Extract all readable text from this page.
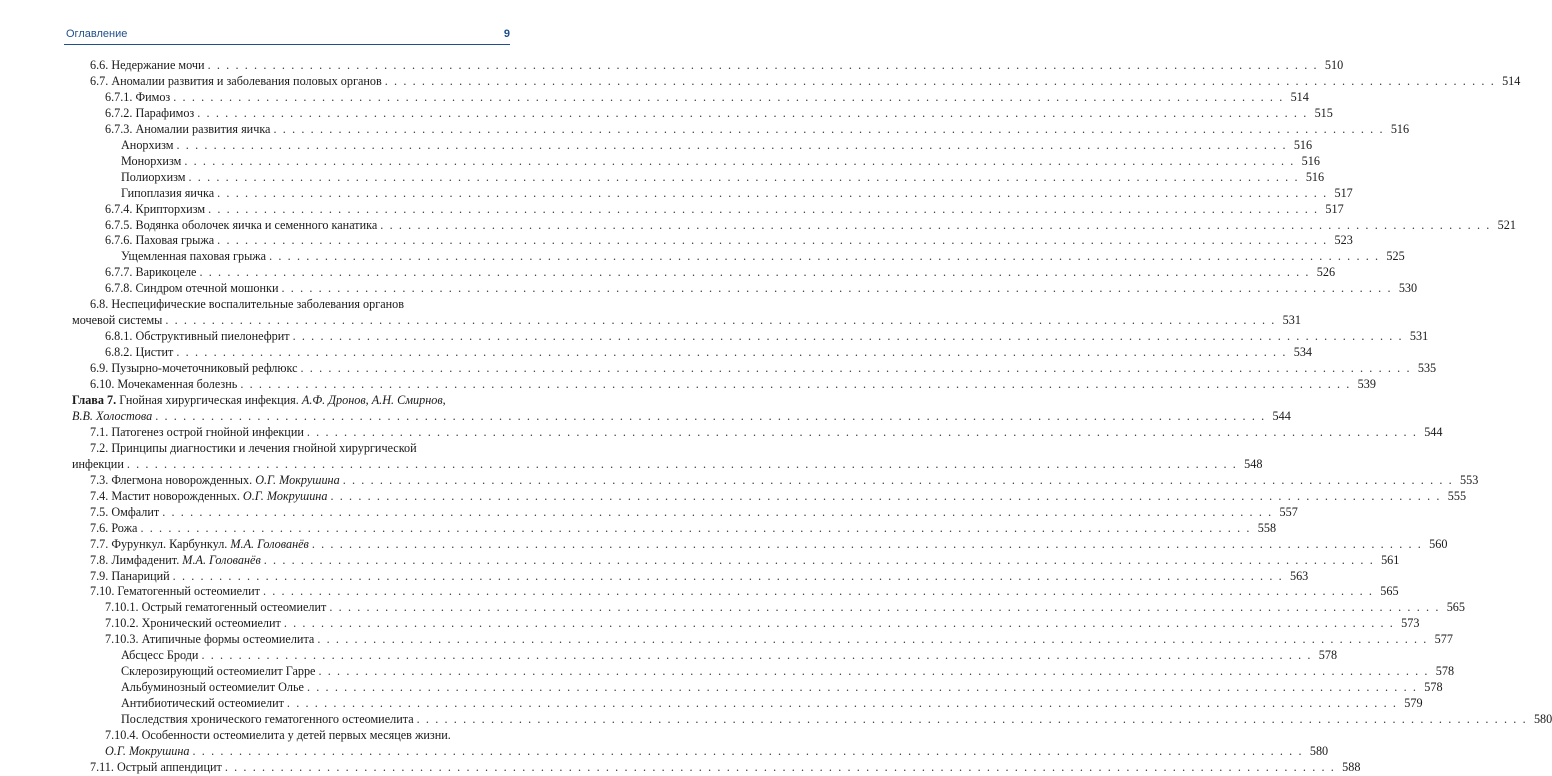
Оглавление	9
6.6. Недержание мочи . . . . . . . . . . . . . . . . . . . . . . . . . . . . . . . . . . . . . . . . . . . . . . . . . . . . . . . . . . . . . . . . . . . . . . . . . . . . . . . . . . . . . . . . . . . . . . . . . . . . . . . . . . . . . . . . . . . . . . . . 510
6.7. Аномалии развития и заболевания половых органов . . . . . . . . . . . . . . . . . . . . . . . . . . . . . . . . . . . . . . . . . . . . . . . . . . . . . . . . . . . . . . . . . . . . . . . . . . . . . . . . . . . . . . . . . . . . . . . . . . . . . . . . . . . . . . . . . . . . . . . . 514
6.7.1. Фимоз . . . . . . . . . . . . . . . . . . . . . . . . . . . . . . . . . . . . . . . . . . . . . . . . . . . . . . . . . . . . . . . . . . . . . . . . . . . . . . . . . . . . . . . . . . . . . . . . . . . . . . . . . . . . . . . . . . . . . . . . 514
6.7.2. Парафимоз . . . . . . . . . . . . . . . . . . . . . . . . . . . . . . . . . . . . . . . . . . . . . . . . . . . . . . . . . . . . . . . . . . . . . . . . . . . . . . . . . . . . . . . . . . . . . . . . . . . . . . . . . . . . . . . . . . . . . . . . 515
6.7.3. Аномалии развития яичка . . . . . . . . . . . . . . . . . . . . . . . . . . . . . . . . . . . . . . . . . . . . . . . . . . . . . . . . . . . . . . . . . . . . . . . . . . . . . . . . . . . . . . . . . . . . . . . . . . . . . . . . . . . . . . . . . . . . . . . . 516
Анорхизм . . . . . . . . . . . . . . . . . . . . . . . . . . . . . . . . . . . . . . . . . . . . . . . . . . . . . . . . . . . . . . . . . . . . . . . . . . . . . . . . . . . . . . . . . . . . . . . . . . . . . . . . . . . . . . . . . . . . . . . . 516
Монорхизм . . . . . . . . . . . . . . . . . . . . . . . . . . . . . . . . . . . . . . . . . . . . . . . . . . . . . . . . . . . . . . . . . . . . . . . . . . . . . . . . . . . . . . . . . . . . . . . . . . . . . . . . . . . . . . . . . . . . . . . . 516
Полиорхизм . . . . . . . . . . . . . . . . . . . . . . . . . . . . . . . . . . . . . . . . . . . . . . . . . . . . . . . . . . . . . . . . . . . . . . . . . . . . . . . . . . . . . . . . . . . . . . . . . . . . . . . . . . . . . . . . . . . . . . . . 516
Гипоплазия яичка . . . . . . . . . . . . . . . . . . . . . . . . . . . . . . . . . . . . . . . . . . . . . . . . . . . . . . . . . . . . . . . . . . . . . . . . . . . . . . . . . . . . . . . . . . . . . . . . . . . . . . . . . . . . . . . . . . . . . . . . 517
6.7.4. Крипторхизм . . . . . . . . . . . . . . . . . . . . . . . . . . . . . . . . . . . . . . . . . . . . . . . . . . . . . . . . . . . . . . . . . . . . . . . . . . . . . . . . . . . . . . . . . . . . . . . . . . . . . . . . . . . . . . . . . . . . . . . . 517
6.7.5. Водянка оболочек яичка и семенного канатика . . . . . . . . . . . . . . . . . . . . . . . . . . . . . . . . . . . . . . . . . . . . . . . . . . . . . . . . . . . . . . . . . . . . . . . . . . . . . . . . . . . . . . . . . . . . . . . . . . . . . . . . . . . . . . . . . . . . . . . . 521
6.7.6. Паховая грыжа . . . . . . . . . . . . . . . . . . . . . . . . . . . . . . . . . . . . . . . . . . . . . . . . . . . . . . . . . . . . . . . . . . . . . . . . . . . . . . . . . . . . . . . . . . . . . . . . . . . . . . . . . . . . . . . . . . . . . . . . 523
Ущемленная паховая грыжа . . . . . . . . . . . . . . . . . . . . . . . . . . . . . . . . . . . . . . . . . . . . . . . . . . . . . . . . . . . . . . . . . . . . . . . . . . . . . . . . . . . . . . . . . . . . . . . . . . . . . . . . . . . . . . . . . . . . . . . . 525
6.7.7. Варикоцеле . . . . . . . . . . . . . . . . . . . . . . . . . . . . . . . . . . . . . . . . . . . . . . . . . . . . . . . . . . . . . . . . . . . . . . . . . . . . . . . . . . . . . . . . . . . . . . . . . . . . . . . . . . . . . . . . . . . . . . . . 526
6.7.8. Синдром отечной мошонки . . . . . . . . . . . . . . . . . . . . . . . . . . . . . . . . . . . . . . . . . . . . . . . . . . . . . . . . . . . . . . . . . . . . . . . . . . . . . . . . . . . . . . . . . . . . . . . . . . . . . . . . . . . . . . . . . . . . . . . . 530
6.8. Неспецифические воспалительные заболевания органов
мочевой системы . . . . . . . . . . . . . . . . . . . . . . . . . . . . . . . . . . . . . . . . . . . . . . . . . . . . . . . . . . . . . . . . . . . . . . . . . . . . . . . . . . . . . . . . . . . . . . . . . . . . . . . . . . . . . . . . . . . . . . . . 531
6.8.1. Обструктивный пиелонефрит . . . . . . . . . . . . . . . . . . . . . . . . . . . . . . . . . . . . . . . . . . . . . . . . . . . . . . . . . . . . . . . . . . . . . . . . . . . . . . . . . . . . . . . . . . . . . . . . . . . . . . . . . . . . . . . . . . . . . . . . 531
6.8.2. Цистит . . . . . . . . . . . . . . . . . . . . . . . . . . . . . . . . . . . . . . . . . . . . . . . . . . . . . . . . . . . . . . . . . . . . . . . . . . . . . . . . . . . . . . . . . . . . . . . . . . . . . . . . . . . . . . . . . . . . . . . . 534
6.9. Пузырно-мочеточниковый рефлюкс . . . . . . . . . . . . . . . . . . . . . . . . . . . . . . . . . . . . . . . . . . . . . . . . . . . . . . . . . . . . . . . . . . . . . . . . . . . . . . . . . . . . . . . . . . . . . . . . . . . . . . . . . . . . . . . . . . . . . . . . 535
6.10. Мочекаменная болезнь . . . . . . . . . . . . . . . . . . . . . . . . . . . . . . . . . . . . . . . . . . . . . . . . . . . . . . . . . . . . . . . . . . . . . . . . . . . . . . . . . . . . . . . . . . . . . . . . . . . . . . . . . . . . . . . . . . . . . . . . 539
Глава 7. Гнойная хирургическая инфекция. А.Ф. Дронов, А.Н. Смирнов,
В.В. Холостова . . . . . . . . . . . . . . . . . . . . . . . . . . . . . . . . . . . . . . . . . . . . . . . . . . . . . . . . . . . . . . . . . . . . . . . . . . . . . . . . . . . . . . . . . . . . . . . . . . . . . . . . . . . . . . . . . . . . . . . . 544
7.1. Патогенез острой гнойной инфекции . . . . . . . . . . . . . . . . . . . . . . . . . . . . . . . . . . . . . . . . . . . . . . . . . . . . . . . . . . . . . . . . . . . . . . . . . . . . . . . . . . . . . . . . . . . . . . . . . . . . . . . . . . . . . . . . . . . . . . . . 544
7.2. Принципы диагностики и лечения гнойной хирургической
инфекции . . . . . . . . . . . . . . . . . . . . . . . . . . . . . . . . . . . . . . . . . . . . . . . . . . . . . . . . . . . . . . . . . . . . . . . . . . . . . . . . . . . . . . . . . . . . . . . . . . . . . . . . . . . . . . . . . . . . . . . . 548
7.3. Флегмона новорожденных. О.Г. Мокрушина . . . . . . . . . . . . . . . . . . . . . . . . . . . . . . . . . . . . . . . . . . . . . . . . . . . . . . . . . . . . . . . . . . . . . . . . . . . . . . . . . . . . . . . . . . . . . . . . . . . . . . . . . . . . . . . . . . . . . . . . 553
7.4. Мастит новорожденных. О.Г. Мокрушина . . . . . . . . . . . . . . . . . . . . . . . . . . . . . . . . . . . . . . . . . . . . . . . . . . . . . . . . . . . . . . . . . . . . . . . . . . . . . . . . . . . . . . . . . . . . . . . . . . . . . . . . . . . . . . . . . . . . . . . . 555
7.5. Омфалит . . . . . . . . . . . . . . . . . . . . . . . . . . . . . . . . . . . . . . . . . . . . . . . . . . . . . . . . . . . . . . . . . . . . . . . . . . . . . . . . . . . . . . . . . . . . . . . . . . . . . . . . . . . . . . . . . . . . . . . . 557
7.6. Рожа . . . . . . . . . . . . . . . . . . . . . . . . . . . . . . . . . . . . . . . . . . . . . . . . . . . . . . . . . . . . . . . . . . . . . . . . . . . . . . . . . . . . . . . . . . . . . . . . . . . . . . . . . . . . . . . . . . . . . . . . 558
7.7. Фурункул. Карбункул. М.А. Голованёв . . . . . . . . . . . . . . . . . . . . . . . . . . . . . . . . . . . . . . . . . . . . . . . . . . . . . . . . . . . . . . . . . . . . . . . . . . . . . . . . . . . . . . . . . . . . . . . . . . . . . . . . . . . . . . . . . . . . . . . . 560
7.8. Лимфаденит. М.А. Голованёв . . . . . . . . . . . . . . . . . . . . . . . . . . . . . . . . . . . . . . . . . . . . . . . . . . . . . . . . . . . . . . . . . . . . . . . . . . . . . . . . . . . . . . . . . . . . . . . . . . . . . . . . . . . . . . . . . . . . . . . . 561
7.9. Панариций . . . . . . . . . . . . . . . . . . . . . . . . . . . . . . . . . . . . . . . . . . . . . . . . . . . . . . . . . . . . . . . . . . . . . . . . . . . . . . . . . . . . . . . . . . . . . . . . . . . . . . . . . . . . . . . . . . . . . . . . 563
7.10. Гематогенный остеомиелит . . . . . . . . . . . . . . . . . . . . . . . . . . . . . . . . . . . . . . . . . . . . . . . . . . . . . . . . . . . . . . . . . . . . . . . . . . . . . . . . . . . . . . . . . . . . . . . . . . . . . . . . . . . . . . . . . . . . . . . . 565
7.10.1. Острый гематогенный остеомиелит . . . . . . . . . . . . . . . . . . . . . . . . . . . . . . . . . . . . . . . . . . . . . . . . . . . . . . . . . . . . . . . . . . . . . . . . . . . . . . . . . . . . . . . . . . . . . . . . . . . . . . . . . . . . . . . . . . . . . . . . 565
7.10.2. Хронический остеомиелит . . . . . . . . . . . . . . . . . . . . . . . . . . . . . . . . . . . . . . . . . . . . . . . . . . . . . . . . . . . . . . . . . . . . . . . . . . . . . . . . . . . . . . . . . . . . . . . . . . . . . . . . . . . . . . . . . . . . . . . . 573
7.10.3. Атипичные формы остеомиелита . . . . . . . . . . . . . . . . . . . . . . . . . . . . . . . . . . . . . . . . . . . . . . . . . . . . . . . . . . . . . . . . . . . . . . . . . . . . . . . . . . . . . . . . . . . . . . . . . . . . . . . . . . . . . . . . . . . . . . . . 577
Абсцесс Броди . . . . . . . . . . . . . . . . . . . . . . . . . . . . . . . . . . . . . . . . . . . . . . . . . . . . . . . . . . . . . . . . . . . . . . . . . . . . . . . . . . . . . . . . . . . . . . . . . . . . . . . . . . . . . . . . . . . . . . . . 578
Склерозирующий остеомиелит Гарре . . . . . . . . . . . . . . . . . . . . . . . . . . . . . . . . . . . . . . . . . . . . . . . . . . . . . . . . . . . . . . . . . . . . . . . . . . . . . . . . . . . . . . . . . . . . . . . . . . . . . . . . . . . . . . . . . . . . . . . . 578
Альбуминозный остеомиелит Олье . . . . . . . . . . . . . . . . . . . . . . . . . . . . . . . . . . . . . . . . . . . . . . . . . . . . . . . . . . . . . . . . . . . . . . . . . . . . . . . . . . . . . . . . . . . . . . . . . . . . . . . . . . . . . . . . . . . . . . . . 578
Антибиотический остеомиелит . . . . . . . . . . . . . . . . . . . . . . . . . . . . . . . . . . . . . . . . . . . . . . . . . . . . . . . . . . . . . . . . . . . . . . . . . . . . . . . . . . . . . . . . . . . . . . . . . . . . . . . . . . . . . . . . . . . . . . . . 579
Последствия хронического гематогенного остеомиелита . . . . . . . . . . . . . . . . . . . . . . . . . . . . . . . . . . . . . . . . . . . . . . . . . . . . . . . . . . . . . . . . . . . . . . . . . . . . . . . . . . . . . . . . . . . . . . . . . . . . . . . . . . . . . . . . . . . . . . . . 580
7.10.4. Особенности остеомиелита у детей первых месяцев жизни.
О.Г. Мокрушина . . . . . . . . . . . . . . . . . . . . . . . . . . . . . . . . . . . . . . . . . . . . . . . . . . . . . . . . . . . . . . . . . . . . . . . . . . . . . . . . . . . . . . . . . . . . . . . . . . . . . . . . . . . . . . . . . . . . . . . . 580
7.11. Острый аппендицит . . . . . . . . . . . . . . . . . . . . . . . . . . . . . . . . . . . . . . . . . . . . . . . . . . . . . . . . . . . . . . . . . . . . . . . . . . . . . . . . . . . . . . . . . . . . . . . . . . . . . . . . . . . . . . . . . . . . . . . . 588
